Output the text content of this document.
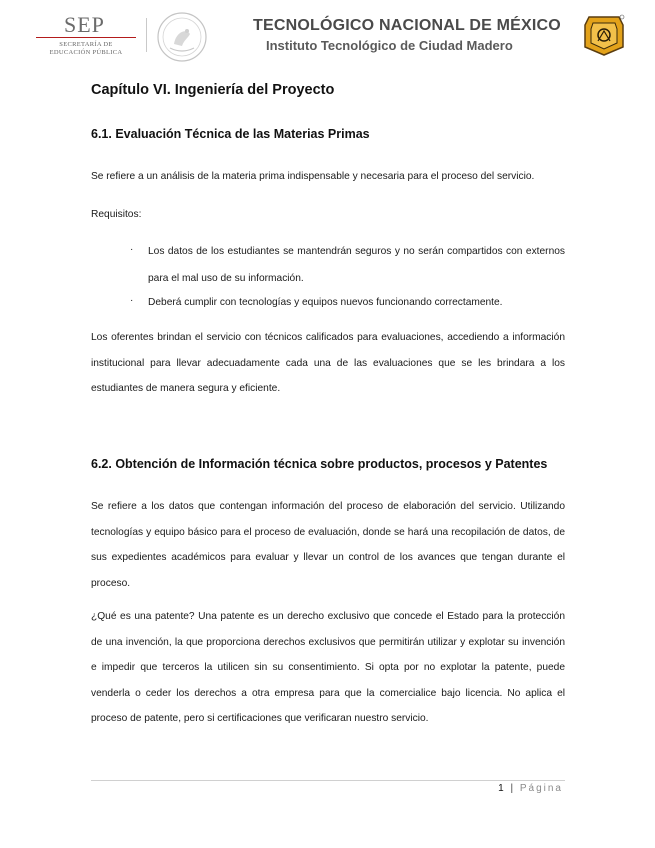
SEP
SECRETARÍA DE
EDUCACIÓN PÚBLICA
TECNOLÓGICO NACIONAL DE MÉXICO
Instituto Tecnológico de Ciudad Madero
Capítulo VI. Ingeniería del Proyecto
6.1. Evaluación Técnica de las Materias Primas
Se refiere a un análisis de la materia prima indispensable y necesaria para el proceso del servicio.
Requisitos:
· Los datos de los estudiantes se mantendrán seguros y no serán compartidos con externos para el mal uso de su información.
· Deberá cumplir con tecnologías y equipos nuevos funcionando correctamente.
Los oferentes brindan el servicio con técnicos calificados para evaluaciones, accediendo a información institucional para llevar adecuadamente cada una de las evaluaciones que se les brindara a los estudiantes de manera segura y eficiente.
6.2. Obtención de Información técnica sobre productos, procesos y Patentes
Se refiere a los datos que contengan información del proceso de elaboración del servicio. Utilizando tecnologías y equipo básico para el proceso de evaluación, donde se hará una recopilación de datos, de sus expedientes académicos para evaluar y llevar un control de los avances que tengan durante el proceso.
¿Qué es una patente? Una patente es un derecho exclusivo que concede el Estado para la protección de una invención, la que proporciona derechos exclusivos que permitirán utilizar y explotar su invención e impedir que terceros la utilicen sin su consentimiento. Si opta por no explotar la patente, puede venderla o ceder los derechos a otra empresa para que la comercialice bajo licencia. No aplica el proceso de patente, pero si certificaciones que verificaran nuestro servicio.
1 | Página
